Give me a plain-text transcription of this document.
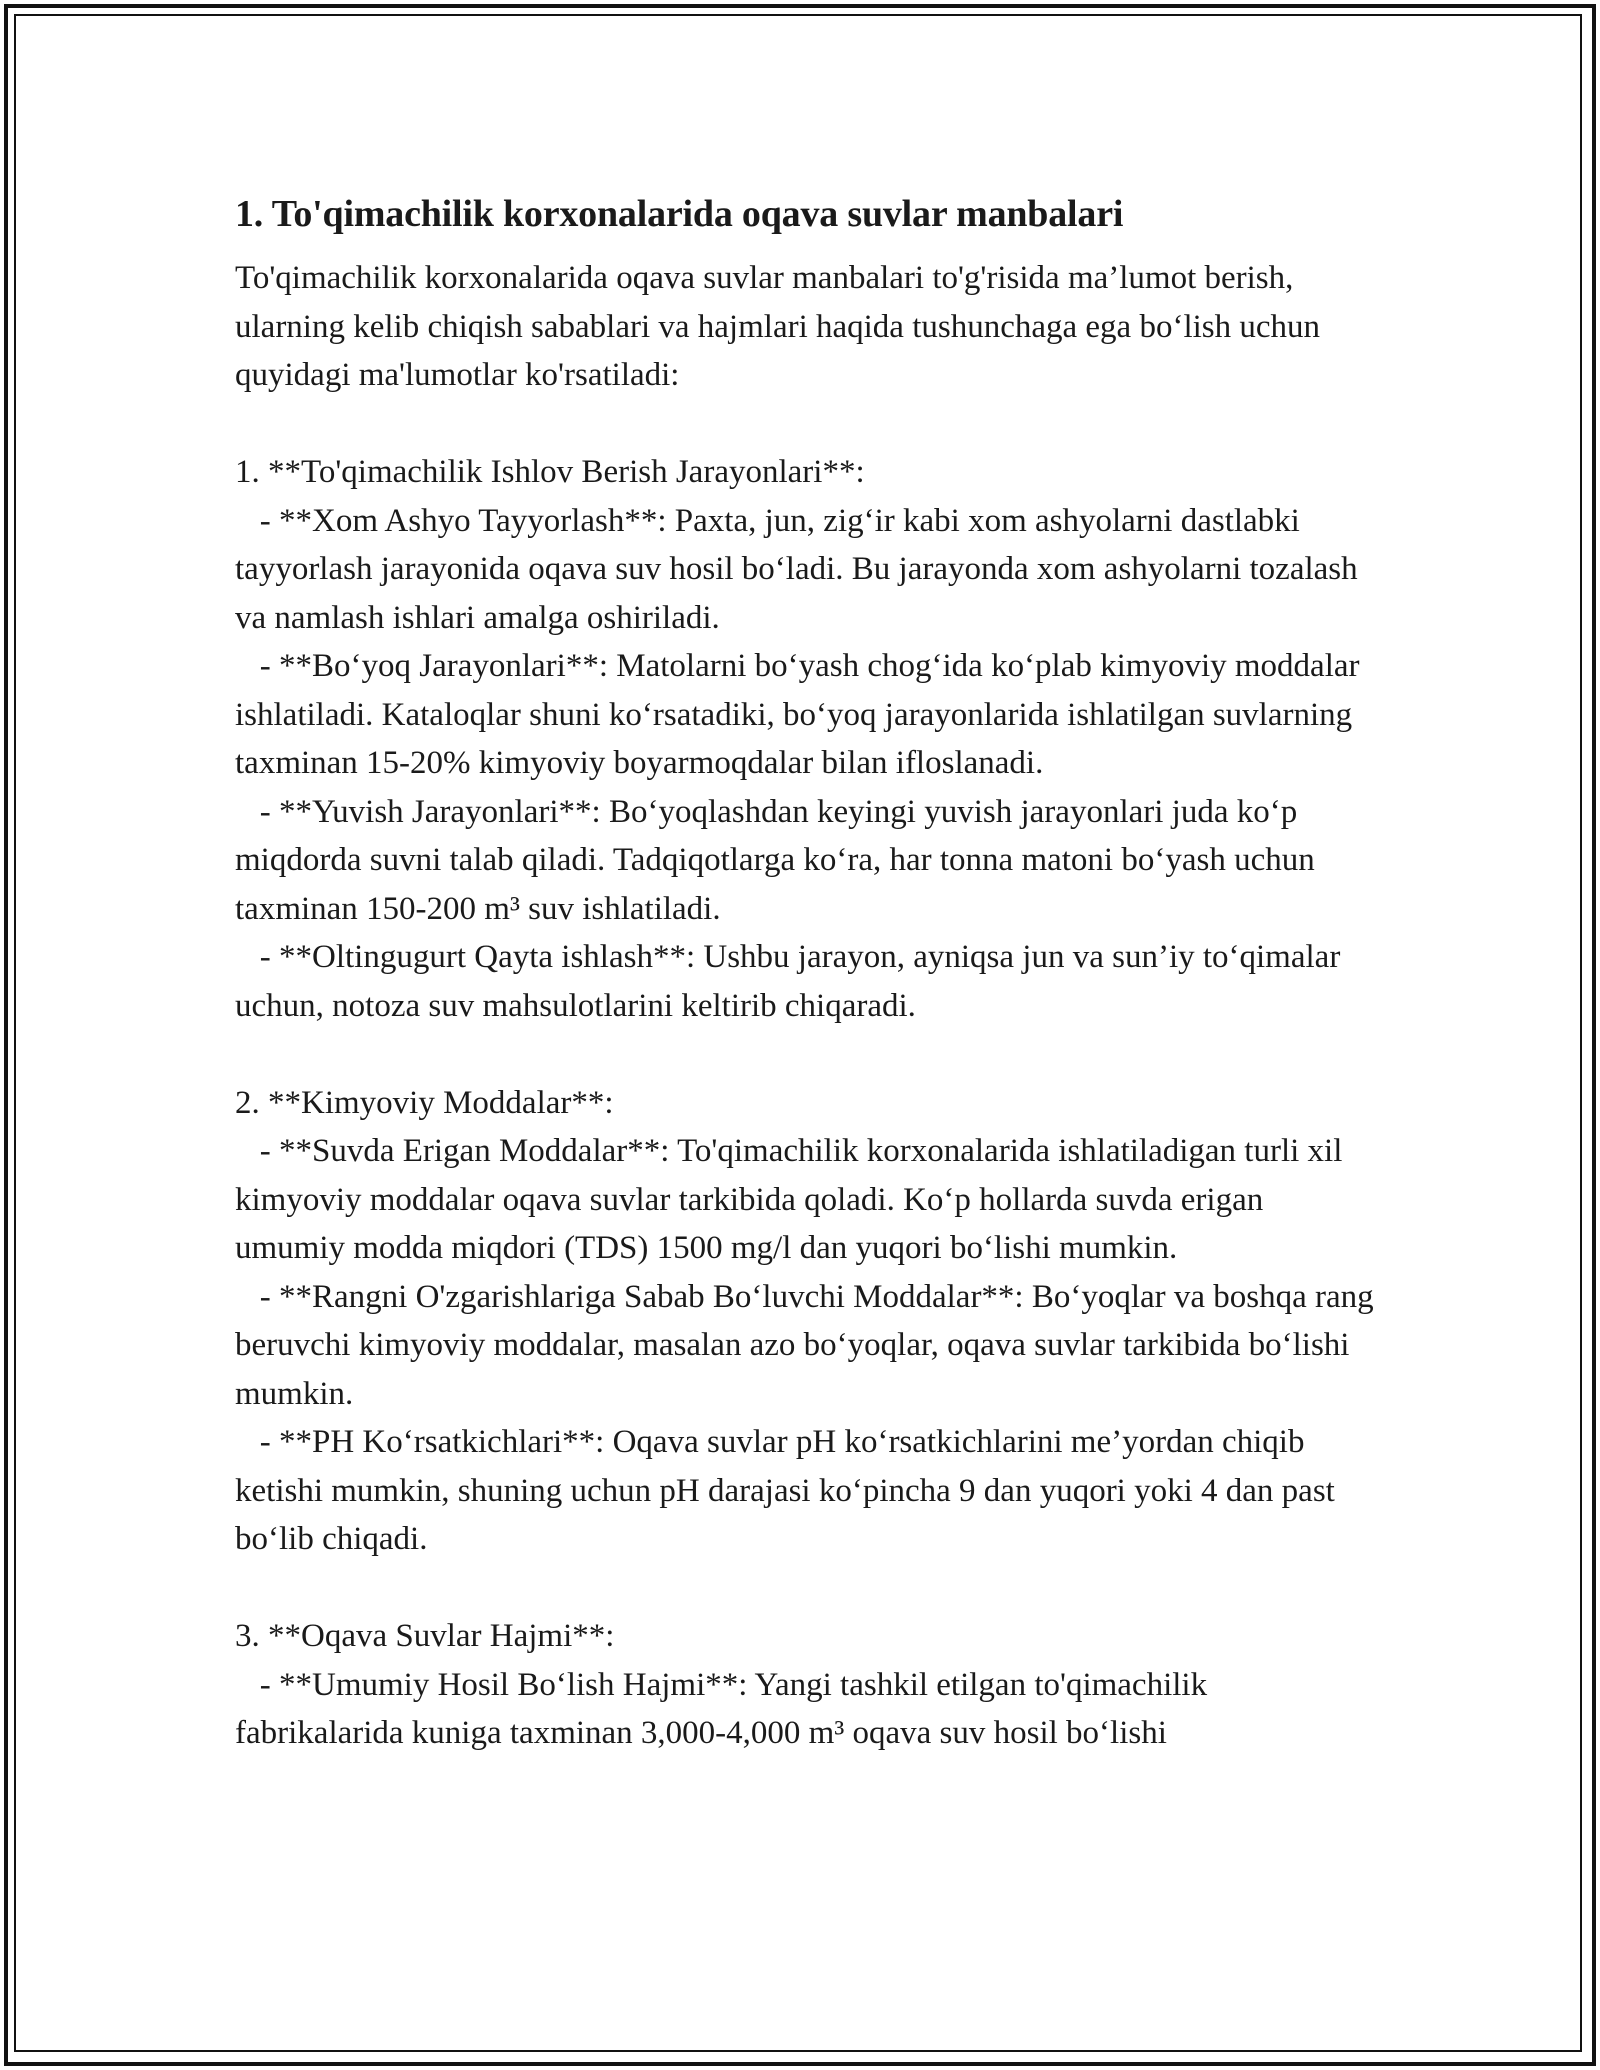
1. To'qimachilik korxonalarida oqava suvlar manbalari

To'qimachilik korxonalarida oqava suvlar manbalari to'g'risida ma’lumot berish, ularning kelib chiqish sabablari va hajmlari haqida tushunchaga ega bo‘lish uchun quyidagi ma'lumotlar ko'rsatiladi:

1. **To'qimachilik Ishlov Berish Jarayonlari**:

- **Xom Ashyo Tayyorlash**: Paxta, jun, zig‘ir kabi xom ashyolarni dastlabki tayyorlash jarayonida oqava suv hosil bo‘ladi. Bu jarayonda xom ashyolarni tozalash va namlash ishlari amalga oshiriladi.

- **Bo‘yoq Jarayonlari**: Matolarni bo‘yash chog‘ida ko‘plab kimyoviy moddalar ishlatiladi. Kataloqlar shuni ko‘rsatadiki, bo‘yoq jarayonlarida ishlatilgan suvlarning taxminan 15-20% kimyoviy boyarmoqdalar bilan ifloslanadi.

- **Yuvish Jarayonlari**: Bo‘yoqlashdan keyingi yuvish jarayonlari juda ko‘p miqdorda suvni talab qiladi. Tadqiqotlarga ko‘ra, har tonna matoni bo‘yash uchun taxminan 150-200 m³ suv ishlatiladi.

- **Oltingugurt Qayta ishlash**: Ushbu jarayon, ayniqsa jun va sun’iy to‘qimalar uchun, notoza suv mahsulotlarini keltirib chiqaradi.

2. **Kimyoviy Moddalar**:

- **Suvda Erigan Moddalar**: To'qimachilik korxonalarida ishlatiladigan turli xil kimyoviy moddalar oqava suvlar tarkibida qoladi. Ko‘p hollarda suvda erigan umumiy modda miqdori (TDS) 1500 mg/l dan yuqori bo‘lishi mumkin.

- **Rangni O'zgarishlariga Sabab Bo‘luvchi Moddalar**: Bo‘yoqlar va boshqa rang beruvchi kimyoviy moddalar, masalan azo bo‘yoqlar, oqava suvlar tarkibida bo‘lishi mumkin.

- **PH Ko‘rsatkichlari**: Oqava suvlar pH ko‘rsatkichlarini me’yordan chiqib ketishi mumkin, shuning uchun pH darajasi ko‘pincha 9 dan yuqori yoki 4 dan past bo‘lib chiqadi.

3. **Oqava Suvlar Hajmi**:

- **Umumiy Hosil Bo‘lish Hajmi**: Yangi tashkil etilgan to'qimachilik fabrikalarida kuniga taxminan 3,000-4,000 m³ oqava suv hosil bo‘lishi
